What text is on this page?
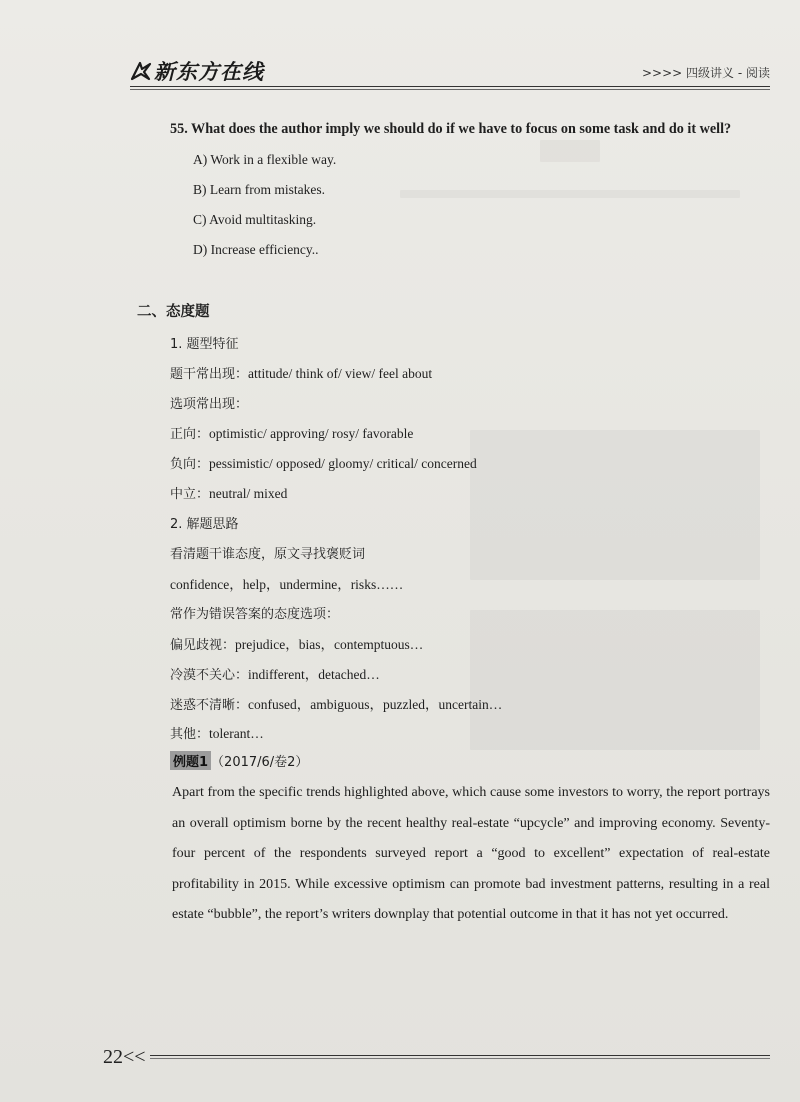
新东方在线	>>>> 四级讲义 - 阅读
55. What does the author imply we should do if we have to focus on some task and do it well?
A) Work in a flexible way.
B) Learn from mistakes.
C) Avoid multitasking.
D) Increase efficiency..
二、态度题
1. 题型特征
题干常出现：attitude/ think of/ view/ feel about
选项常出现：
正向：optimistic/ approving/ rosy/ favorable
负向：pessimistic/ opposed/ gloomy/ critical/ concerned
中立：neutral/ mixed
2. 解题思路
看清题干谁态度，原文寻找褒贬词
confidence，help，undermine，risks……
常作为错误答案的态度选项：
偏见歧视：prejudice，bias，contemptuous…
冷漠不关心：indifferent，detached…
迷惑不清晰：confused，ambiguous，puzzled，uncertain…
其他：tolerant…
例题1 （2017/6/卷2）
Apart from the specific trends highlighted above, which cause some investors to worry, the report portrays an overall optimism borne by the recent healthy real-estate “upcycle” and improving economy. Seventy-four percent of the respondents surveyed report a “good to excellent” expectation of real-estate profitability in 2015. While excessive optimism can promote bad investment patterns, resulting in a real estate “bubble”, the report’s writers downplay that potential outcome in that it has not yet occurred.
22<<
